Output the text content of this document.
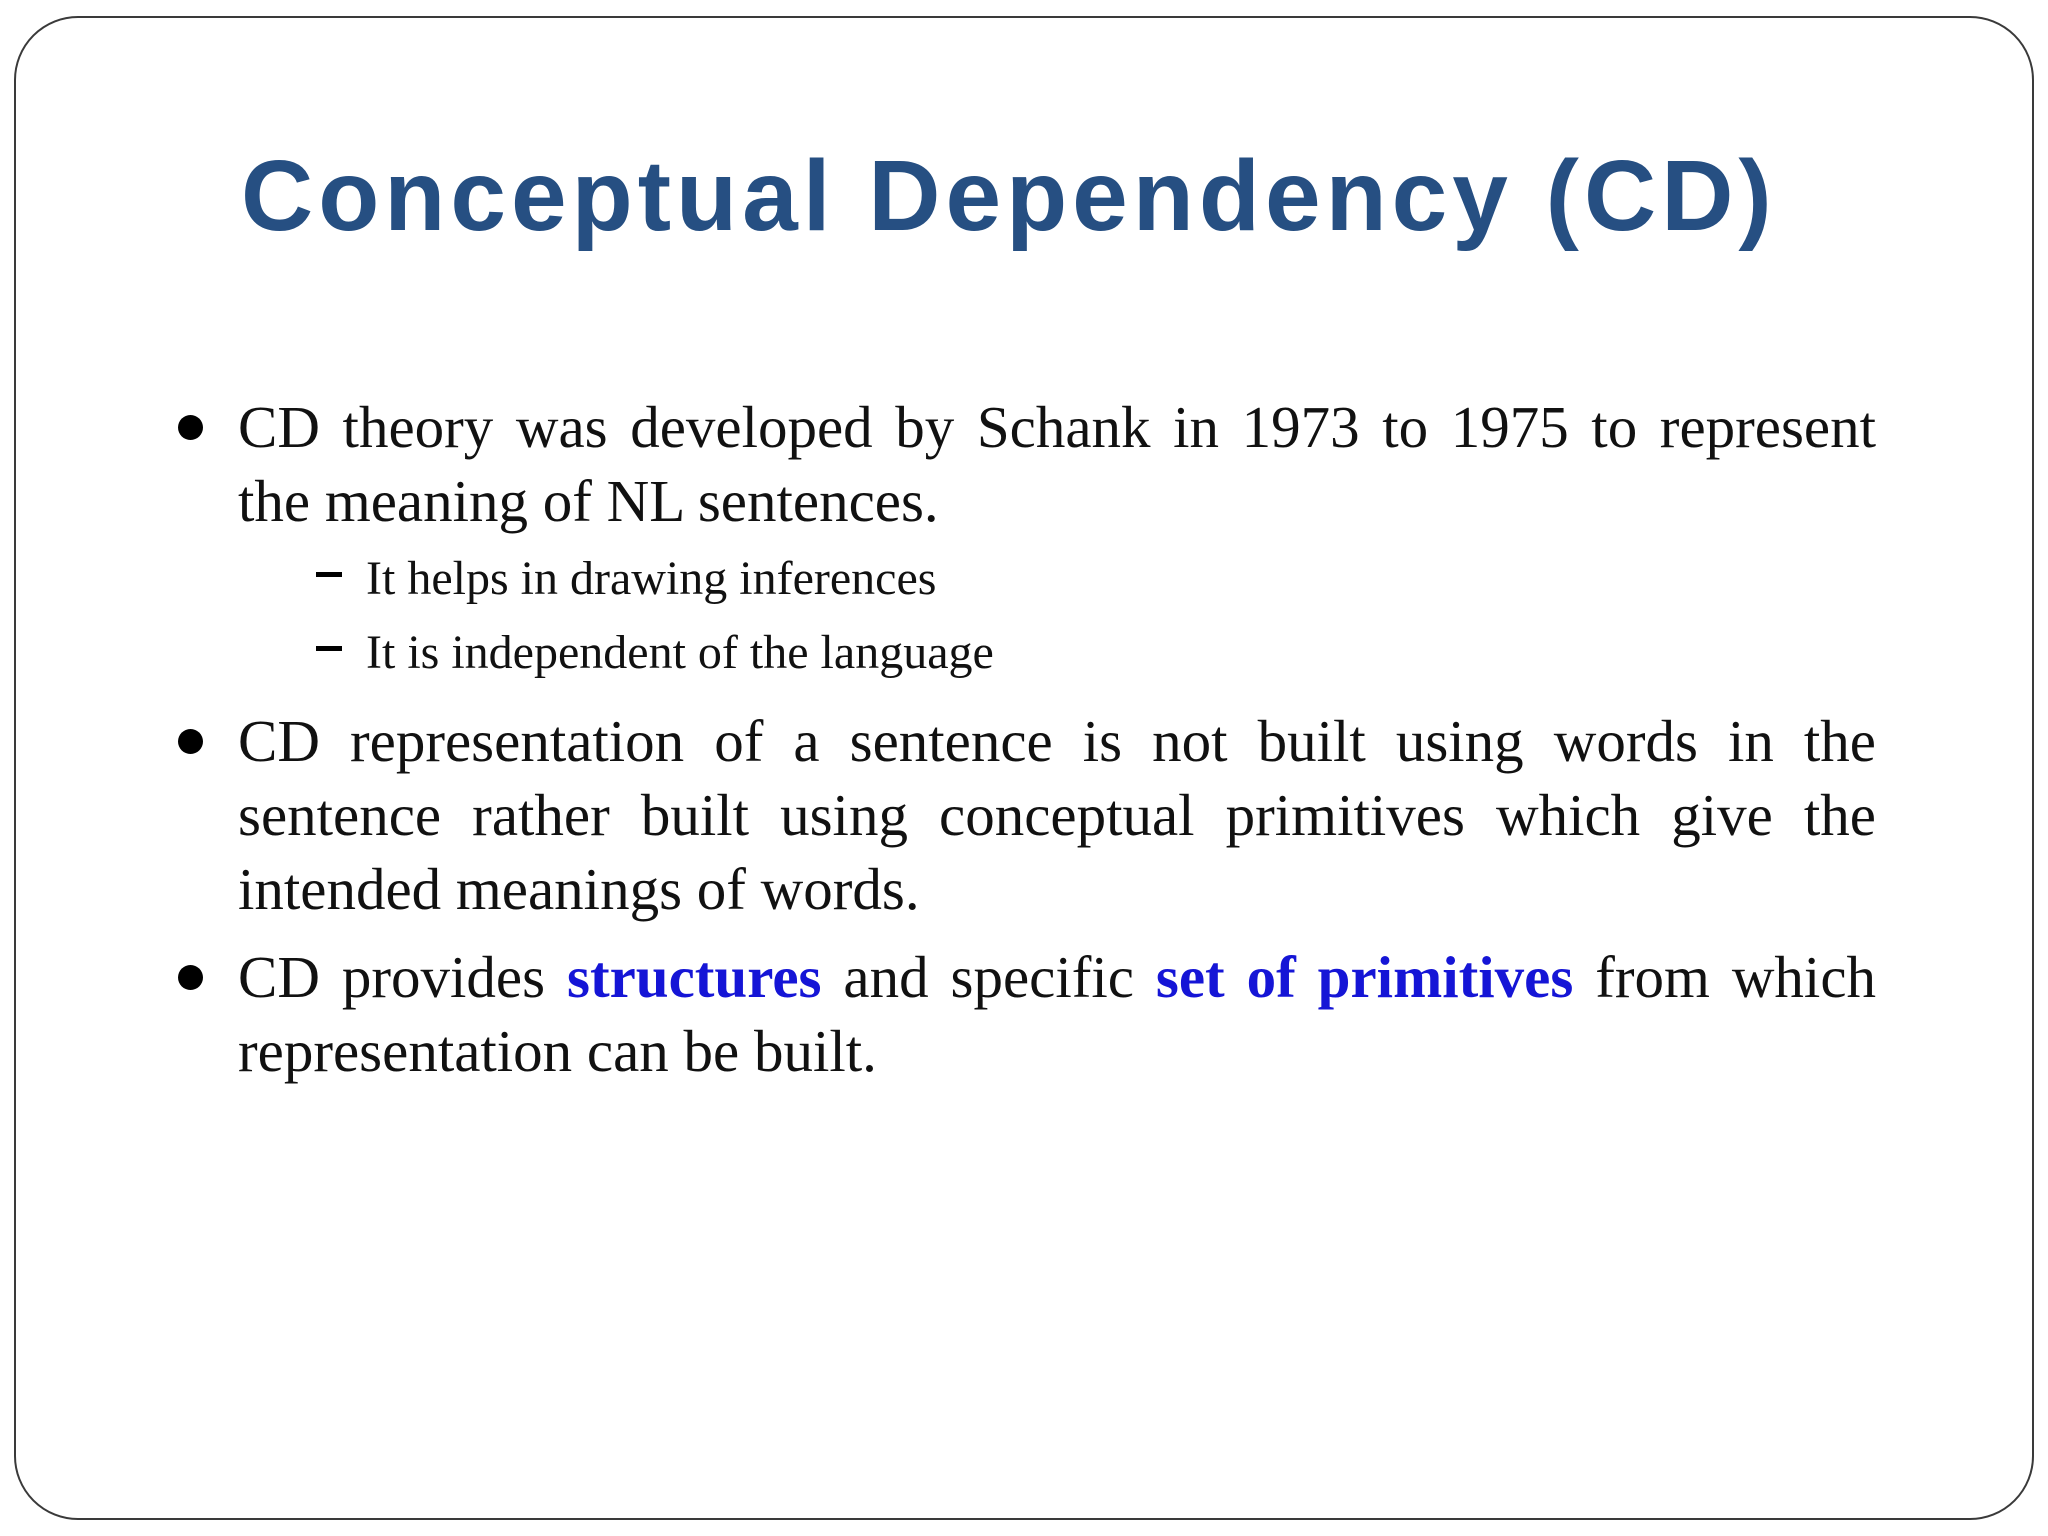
Conceptual Dependency (CD)
CD theory was developed by Schank in 1973 to 1975 to represent the meaning of NL sentences.
It helps in drawing inferences
It is independent of the language
CD representation of a sentence is not built using words in the sentence rather built using conceptual primitives which give the intended meanings of words.
CD provides structures and specific set of primitives from which representation can be built.
